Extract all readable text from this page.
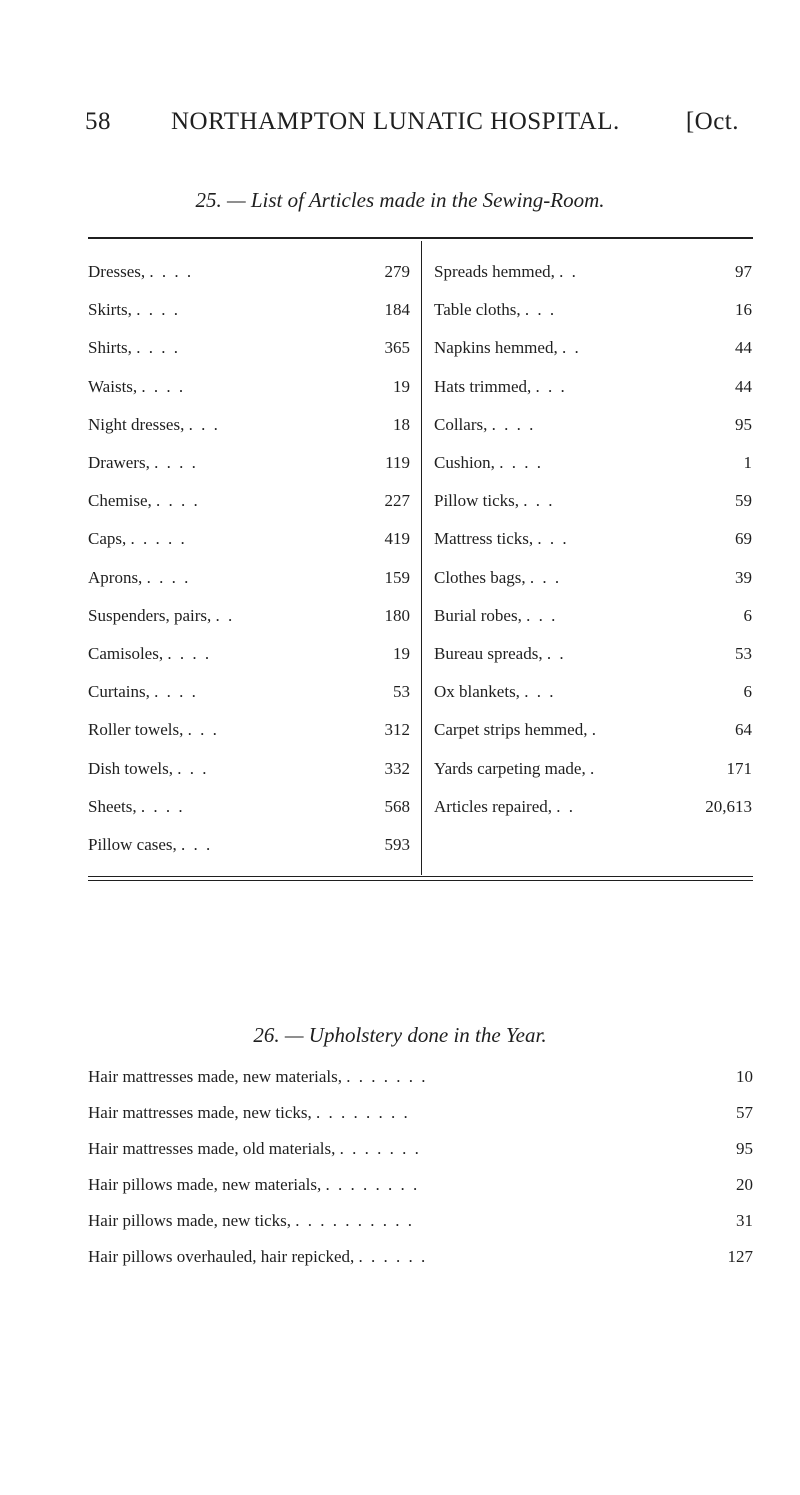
58 NORTHAMPTON LUNATIC HOSPITAL.	[Oct.
25. — List of Articles made in the Sewing-Room.
Dresses, . . . .	279
Skirts, . . . .	184
Shirts, . . . .	365
Waists, . . . .	19
Night dresses, . . .	18
Drawers, . . . .	119
Chemise, . . . .	227
Caps, . . . . .	419
Aprons, . . . .	159
Suspenders, pairs, . .	180
Camisoles, . . . .	19
Curtains, . . . .	53
Roller towels, . . .	312
Dish towels, . . .	332
Sheets, . . . .	568
Pillow cases, . . .	593
Spreads hemmed, . .	97
Table cloths, . . .	16
Napkins hemmed, . .	44
Hats trimmed, . . .	44
Collars, . . . .	95
Cushion, . . . .	1
Pillow ticks, . . .	59
Mattress ticks, . . .	69
Clothes bags, . . .	39
Burial robes, . . .	6
Bureau spreads, . .	53
Ox blankets, . . .	6
Carpet strips hemmed, .	64
Yards carpeting made, .	171
Articles repaired, . .	20,613
26. — Upholstery done in the Year.
Hair mattresses made, new materials, . . . . . . .	10
Hair mattresses made, new ticks, . . . . . . . .	57
Hair mattresses made, old materials, . . . . . . .	95
Hair pillows made, new materials, . . . . . . . .	20
Hair pillows made, new ticks, . . . . . . . . . .	31
Hair pillows overhauled, hair repicked, . . . . . .	127
